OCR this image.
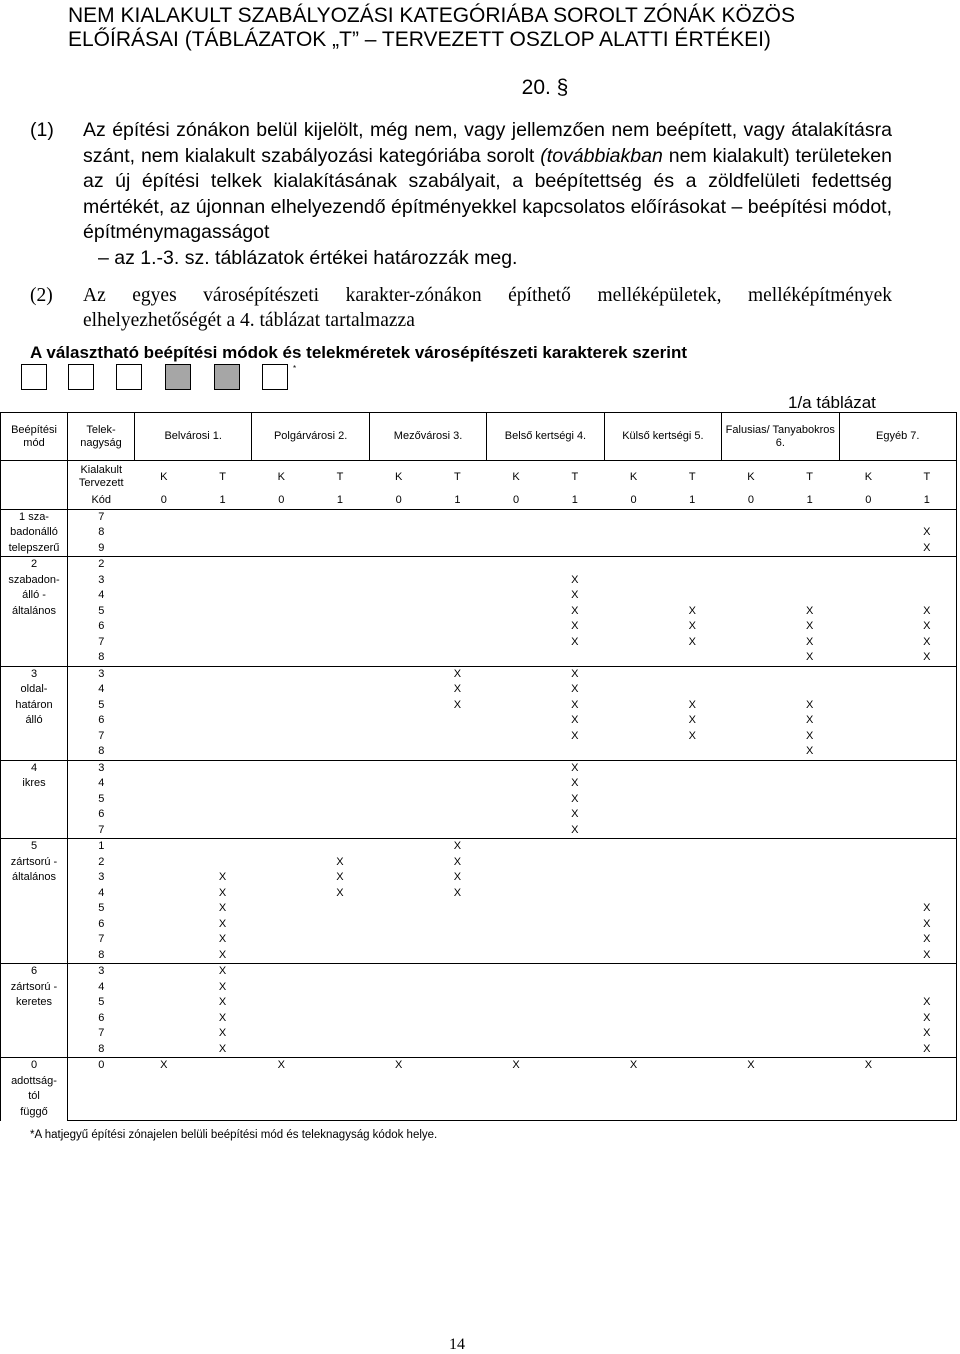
NEM KIALAKULT SZABÁLYOZÁSI KATEGÓRIÁBA SOROLT ZÓNÁK KÖZÖS
ELŐÍRÁSAI (TÁBLÁZATOK „T” – TERVEZETT OSZLOP ALATTI ÉRTÉKEI)
20. §
(1) Az építési zónákon belül kijelölt, még nem, vagy jellemzően nem beépített, vagy átalakításra szánt, nem kialakult szabályozási kategóriába sorolt (továbbiakban nem kialakult) területeken az új építési telkek kialakításának szabályait, a beépítettség és a zöldfelületi fedettség mértékét, az újonnan elhelyezendő építményekkel kapcsolatos előírásokat – beépítési módot, építménymagasságot
– az 1.-3. sz. táblázatok értékei határozzák meg.
(2) Az egyes városépítészeti karakter-zónákon építhető melléképületek, melléképítmények elhelyezhetőségét a 4. táblázat tartalmazza
A választható beépítési módok és telekméretek városépítészeti karakterek szerint
*
1/a táblázat
Beépítési mód	Telek-nagyság	Belvárosi 1.		Polgárvárosi 2.		Mezővárosi 3.		Belső kertségi 4.		Külső kertségi 5.		Falusias/ Tanyabokros 6.		Egyéb 7.	
	Kialakult Tervezett	K	T	K	T	K	T	K	T	K	T	K	T	K	T
	Kód	0	1	0	1	0	1	0	1	0	1	0	1	0	1

1 sza-
badonálló
telepszerű	7														
	8														X
	9														X

2
szabadon-
álló -
általános	2														
	3								X						
	4								X						
	5								X		X		X		X
	6								X		X		X		X
	7								X		X		X		X
	8												X		X

3
oldal-
határon
álló	3						X		X						
	4						X		X						
	5						X		X		X		X		
	6								X		X		X		
	7								X		X		X		
	8												X		

4
ikres	3								X						
	4								X						
	5								X						
	6								X						
	7								X						

5
zártsorú -
általános	1						X								
	2				X		X								
	3		X		X		X								
	4		X		X		X								
	5		X												X
	6		X												X
	7		X												X
	8		X												X

6
zártsorú -
keretes	3		X												
	4		X												
	5		X												X
	6		X												X
	7		X												X
	8		X												X

0
adottság-
tól
függő	0	X		X		X		X		X		X		X	

*A hatjegyű építési zónajelen belüli beépítési mód és teleknagyság kódok helye.
14
